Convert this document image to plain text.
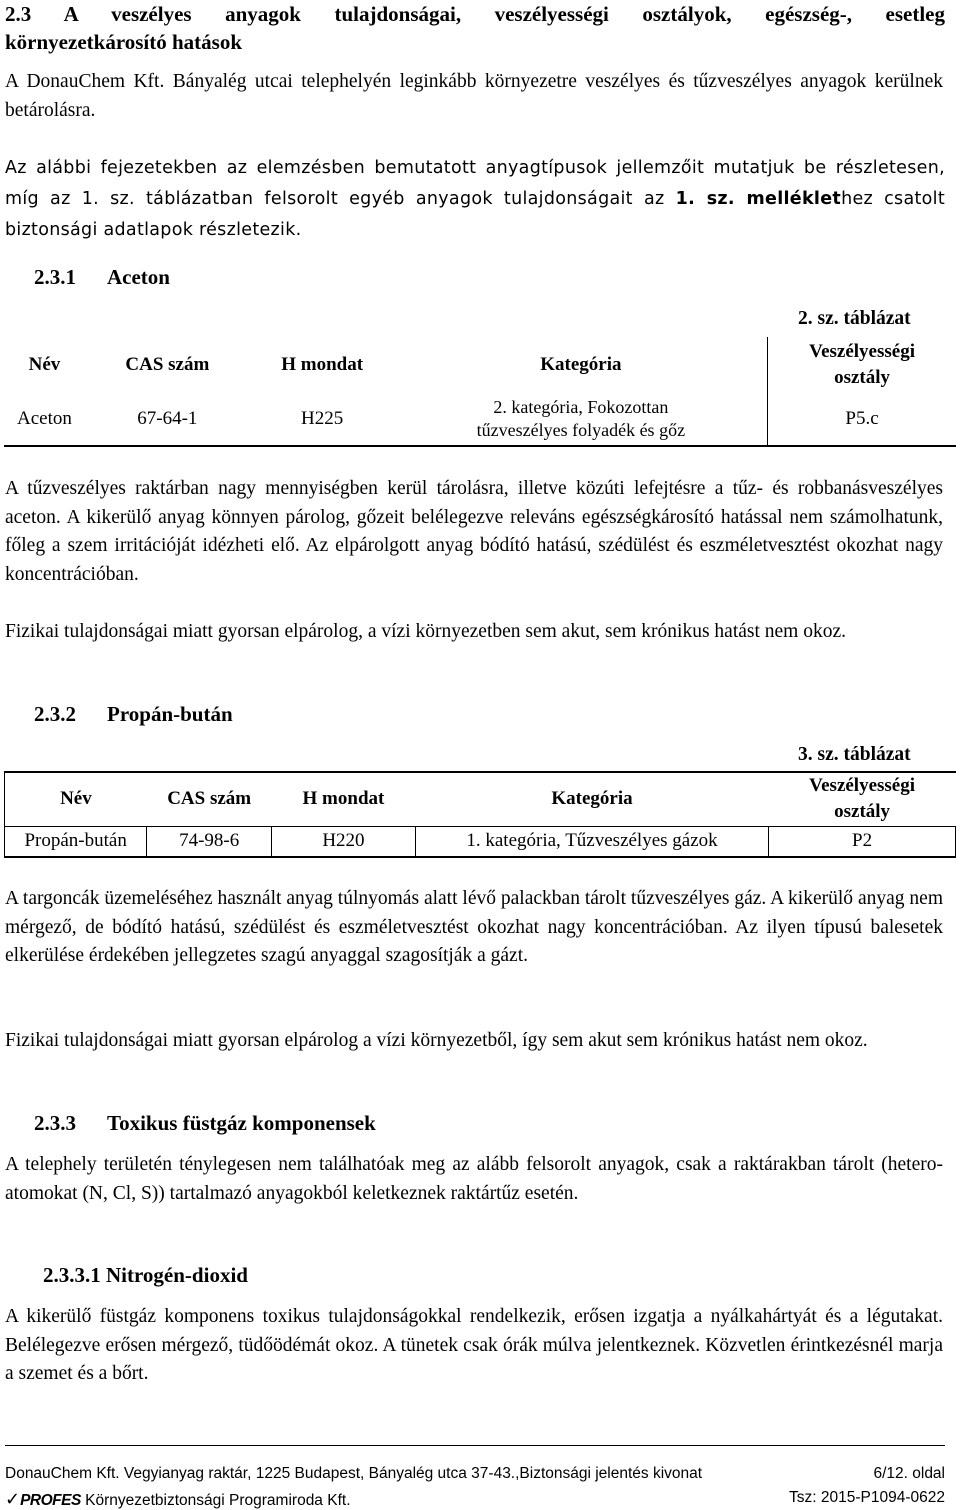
2.3 A veszélyes anyagok tulajdonságai, veszélyességi osztályok, egészség-, esetleg
környezetkárosító hatások
A DonauChem Kft. Bányalég utcai telephelyén leginkább környezetre veszélyes és tűzveszélyes anyagok kerülnek betárolásra.
Az alábbi fejezetekben az elemzésben bemutatott anyagtípusok jellemzőit mutatjuk be részletesen, míg az 1. sz. táblázatban felsorolt egyéb anyagok tulajdonságait az 1. sz. melléklethez csatolt biztonsági adatlapok részletezik.
2.3.1 Aceton
2. sz. táblázat
Név	CAS szám	H mondat	Kategória	Veszélyességi
osztály

Aceton	67-64-1	H225	2. kategória, Fokozottan
tűzveszélyes folyadék és gőz	P5.c
A tűzveszélyes raktárban nagy mennyiségben kerül tárolásra, illetve közúti lefejtésre a tűz- és robbanásveszélyes aceton. A kikerülő anyag könnyen párolog, gőzeit belélegezve releváns egészségkárosító hatással nem számolhatunk, főleg a szem irritációját idézheti elő. Az elpárolgott anyag bódító hatású, szédülést és eszméletvesztést okozhat nagy koncentrációban.
Fizikai tulajdonságai miatt gyorsan elpárolog, a vízi környezetben sem akut, sem krónikus hatást nem okoz.
2.3.2 Propán-bután
3. sz. táblázat
Név	CAS szám	H mondat	Kategória	Veszélyességi
osztály

Propán-bután	74-98-6	H220	1. kategória, Tűzveszélyes gázok	P2
A targoncák üzemeléséhez használt anyag túlnyomás alatt lévő palackban tárolt tűzveszélyes gáz. A kikerülő anyag nem mérgező, de bódító hatású, szédülést és eszméletvesztést okozhat nagy koncentrációban. Az ilyen típusú balesetek elkerülése érdekében jellegzetes szagú anyaggal szagosítják a gázt.
Fizikai tulajdonságai miatt gyorsan elpárolog a vízi környezetből, így sem akut sem krónikus hatást nem okoz.
2.3.3 Toxikus füstgáz komponensek
A telephely területén ténylegesen nem találhatóak meg az alább felsorolt anyagok, csak a raktárakban tárolt (hetero-atomokat (N, Cl, S)) tartalmazó anyagokból keletkeznek raktártűz esetén.
2.3.3.1 Nitrogén-dioxid
A kikerülő füstgáz komponens toxikus tulajdonságokkal rendelkezik, erősen izgatja a nyálkahártyát és a légutakat. Belélegezve erősen mérgező, tüdőödémát okoz. A tünetek csak órák múlva jelentkeznek. Közvetlen érintkezésnél marja a szemet és a bőrt.
DonauChem Kft. Vegyianyag raktár, 1225 Budapest, Bányalég utca 37-43.,Biztonsági jelentés kivonat	6/12. oldal
✓PROFES Környezetbiztonsági Programiroda Kft.	Tsz: 2015-P1094-0622
